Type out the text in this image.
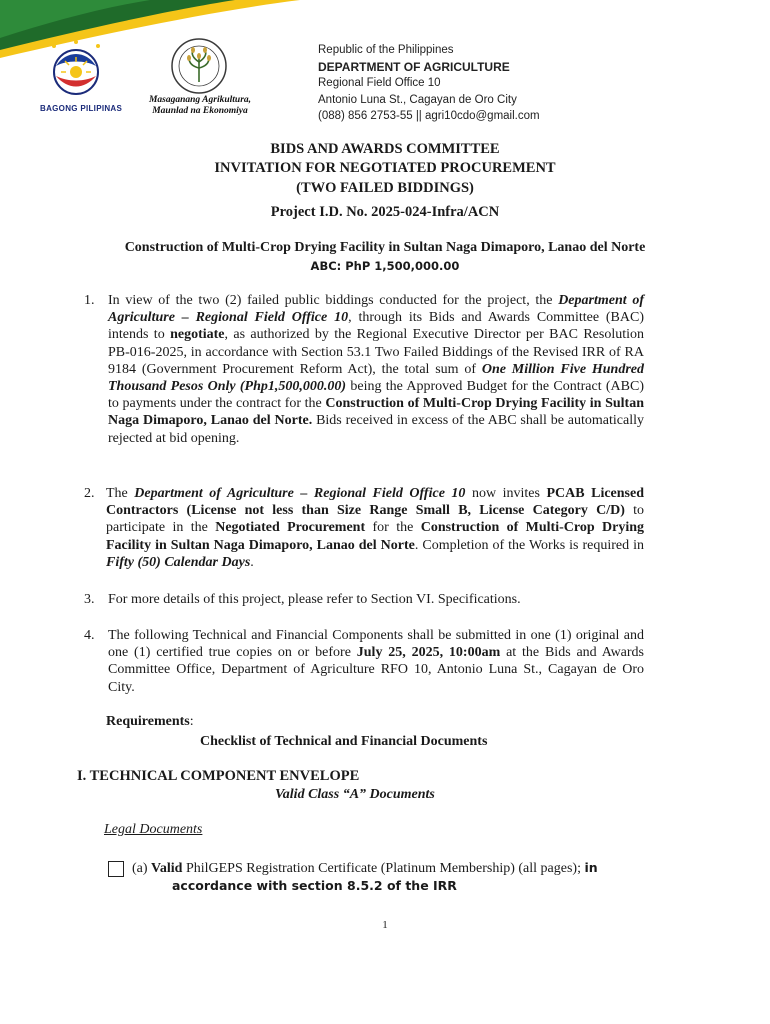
BAGONG PILIPINAS
Masaganang Agrikultura,
Maunlad na Ekonomiya
Republic of the Philippines
DEPARTMENT OF AGRICULTURE
Regional Field Office 10
Antonio Luna St., Cagayan de Oro City
(088) 856 2753-55 || agri10cdo@gmail.com
BIDS AND AWARDS COMMITTEE
INVITATION FOR NEGOTIATED PROCUREMENT
(TWO FAILED BIDDINGS)
Project I.D. No. 2025-024-Infra/ACN
Construction of Multi-Crop Drying Facility in Sultan Naga Dimaporo, Lanao del Norte
ABC: PhP 1,500,000.00
1. In view of the two (2) failed public biddings conducted for the project, the Department of Agriculture – Regional Field Office 10, through its Bids and Awards Committee (BAC) intends to negotiate, as authorized by the Regional Executive Director per BAC Resolution PB-016-2025, in accordance with Section 53.1 Two Failed Biddings of the Revised IRR of RA 9184 (Government Procurement Reform Act), the total sum of One Million Five Hundred Thousand Pesos Only (Php1,500,000.00) being the Approved Budget for the Contract (ABC) to payments under the contract for the Construction of Multi-Crop Drying Facility in Sultan Naga Dimaporo, Lanao del Norte. Bids received in excess of the ABC shall be automatically rejected at bid opening.
2. The Department of Agriculture – Regional Field Office 10 now invites PCAB Licensed Contractors (License not less than Size Range Small B, License Category C/D) to participate in the Negotiated Procurement for the Construction of Multi-Crop Drying Facility in Sultan Naga Dimaporo, Lanao del Norte. Completion of the Works is required in Fifty (50) Calendar Days.
3. For more details of this project, please refer to Section VI. Specifications.
4. The following Technical and Financial Components shall be submitted in one (1) original and one (1) certified true copies on or before July 25, 2025, 10:00am at the Bids and Awards Committee Office, Department of Agriculture RFO 10, Antonio Luna St., Cagayan de Oro City.
Requirements:
Checklist of Technical and Financial Documents
I. TECHNICAL COMPONENT ENVELOPE
Valid Class “A” Documents
Legal Documents
(a) Valid PhilGEPS Registration Certificate (Platinum Membership) (all pages); in
accordance with section 8.5.2 of the IRR
1
